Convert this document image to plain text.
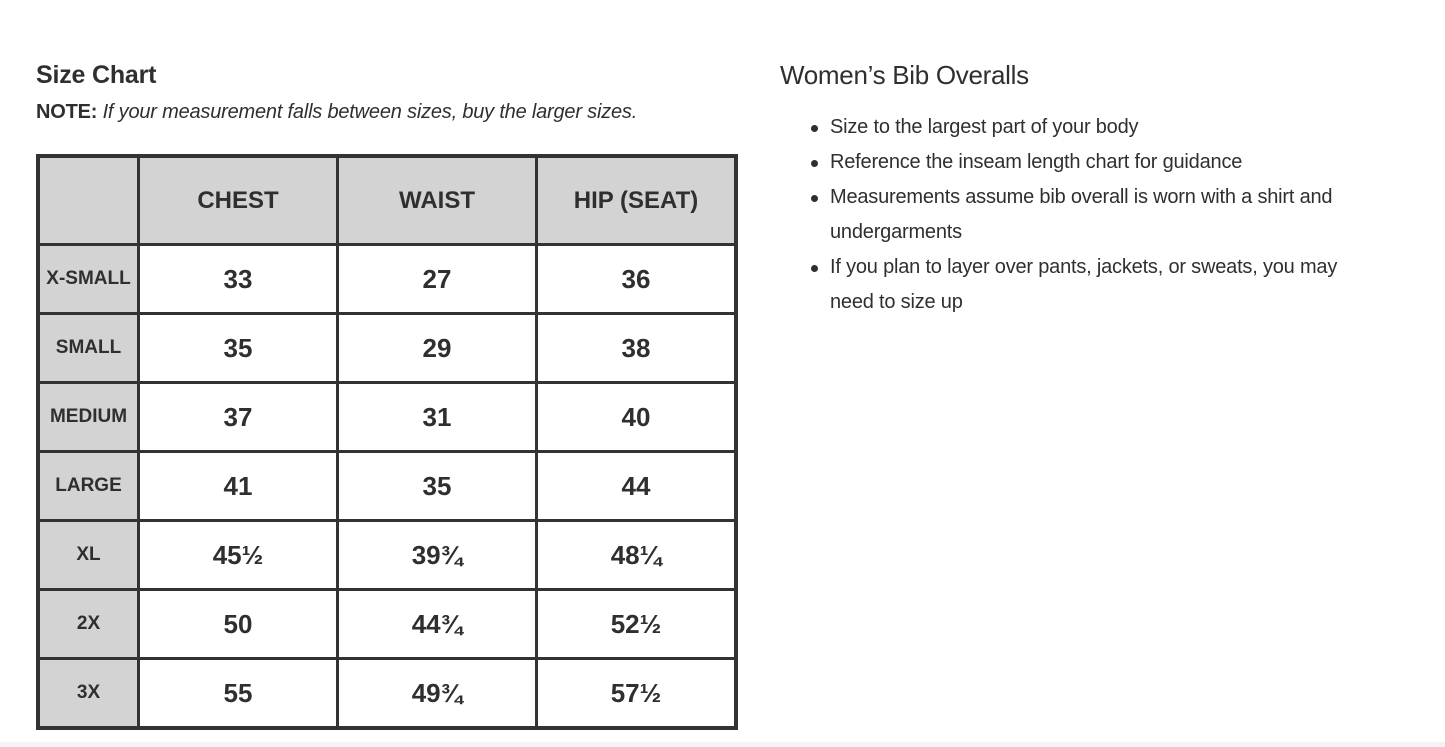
Size Chart
NOTE: If your measurement falls between sizes, buy the larger sizes.
	CHEST	WAIST	HIP (SEAT)
X-SMALL	33	27	36
SMALL	35	29	38
MEDIUM	37	31	40
LARGE	41	35	44
XL	45½	39¾	48¼
2X	50	44¾	52½
3X	55	49¾	57½
Women’s Bib Overalls
Size to the largest part of your body
Reference the inseam length chart for guidance
Measurements assume bib overall is worn with a shirt and undergarments
If you plan to layer over pants, jackets, or sweats, you may need to size up
